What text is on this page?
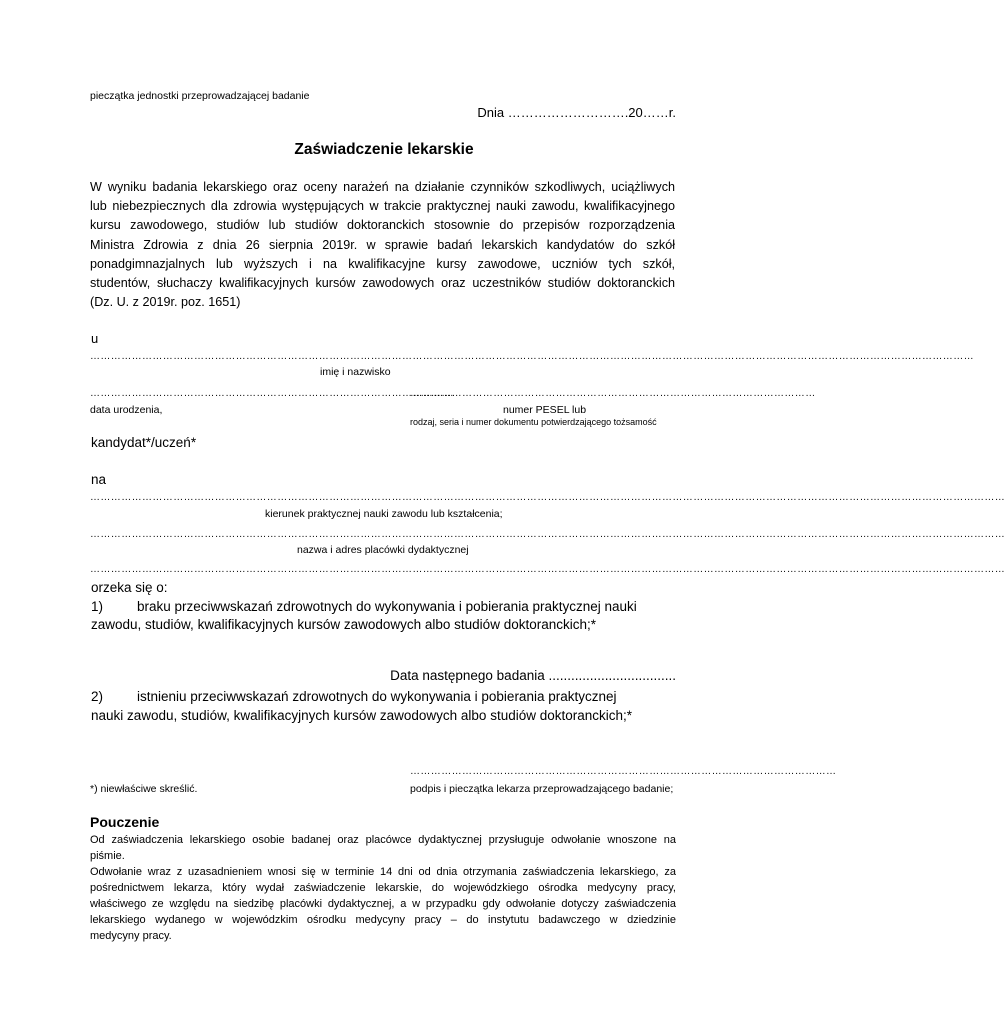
pieczątka jednostki przeprowadzającej badanie
Dnia ……………………….20……r.
Zaświadczenie lekarskie
W wyniku badania lekarskiego oraz oceny narażeń na działanie czynników szkodliwych, uciążliwych
lub niebezpiecznych dla zdrowia występujących w trakcie praktycznej nauki zawodu, kwalifikacyjnego
kursu zawodowego, studiów lub studiów doktoranckich stosownie do przepisów rozporządzenia
Ministra Zdrowia z dnia 26 sierpnia 2019r. w sprawie badań lekarskich kandydatów do szkół
ponadgimnazjalnych lub wyższych i na kwalifikacyjne kursy zawodowe, uczniów tych szkół,
studentów, słuchaczy kwalifikacyjnych kursów zawodowych oraz uczestników studiów doktoranckich
(Dz. U. z 2019r. poz. 1651)
u
…………………………………………………………………………………………………………………………………………………………………………………………………………………………………
imię i nazwisko
……………………………………………………………………………………………
………………………………………………………………………………………………………
data urodzenia,	numer PESEL lub
rodzaj, seria i numer dokumentu potwierdzającego tożsamość
kandydat*/uczeń*
na
…………………………………………………………………………………………………………………………………………………………………………………………………………………………………………
kierunek praktycznej nauki zawodu lub kształcenia;
…………………………………………………………………………………………………………………………………………………………………………………………………………………………………………
nazwa i adres placówki dydaktycznej
…………………………………………………………………………………………………………………………………………………………………………………………………………………………………………
orzeka się o:
1)	braku przeciwwskazań zdrowotnych do wykonywania i pobierania praktycznej nauki
zawodu, studiów, kwalifikacyjnych kursów zawodowych albo studiów doktoranckich;*
Data następnego badania ..................................
2)	istnieniu przeciwwskazań zdrowotnych do wykonywania i pobierania praktycznej
nauki zawodu, studiów, kwalifikacyjnych kursów zawodowych albo studiów doktoranckich;*
……………………………………………………………………………………………………………
*) niewłaściwe skreślić.	podpis i pieczątka lekarza przeprowadzającego badanie;
Pouczenie
Od zaświadczenia lekarskiego osobie badanej oraz placówce dydaktycznej przysługuje odwołanie wnoszone na
piśmie.
Odwołanie wraz z uzasadnieniem wnosi się w terminie 14 dni od dnia otrzymania zaświadczenia lekarskiego, za
pośrednictwem lekarza, który wydał zaświadczenie lekarskie, do wojewódzkiego ośrodka medycyny pracy,
właściwego ze względu na siedzibę placówki dydaktycznej, a w przypadku gdy odwołanie dotyczy zaświadczenia
lekarskiego wydanego w wojewódzkim ośrodku medycyny pracy – do instytutu badawczego w dziedzinie
medycyny pracy.
